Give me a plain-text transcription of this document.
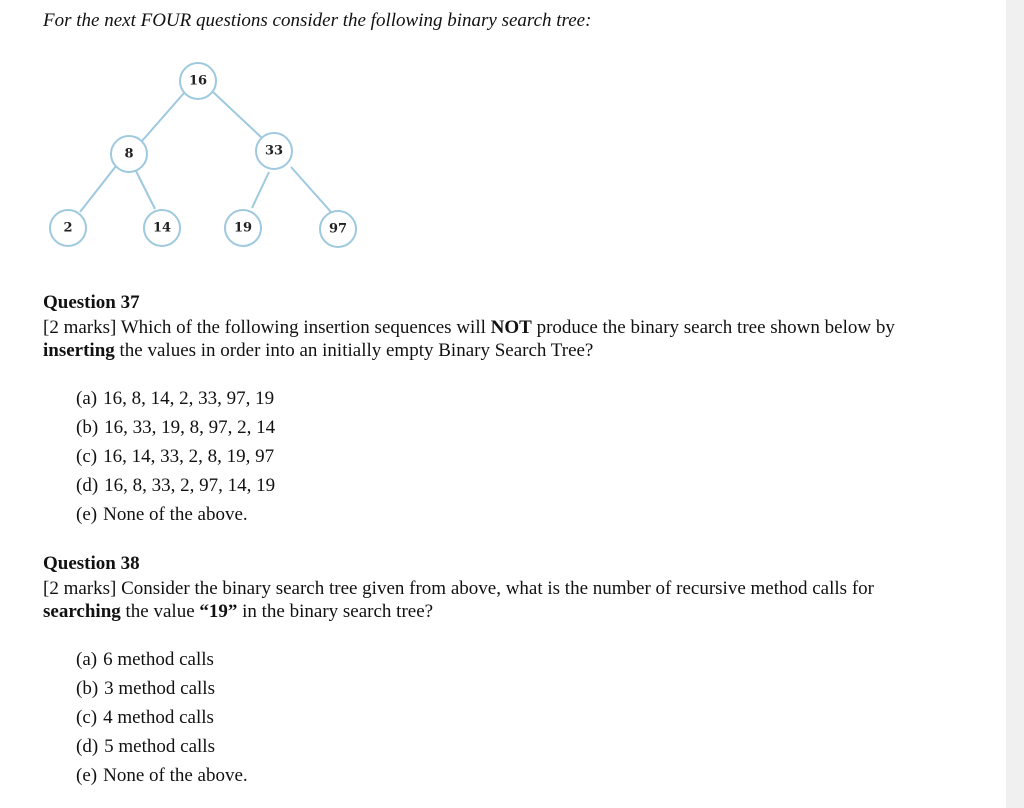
For the next FOUR questions consider the following binary search tree:
16
8	33
2	14	19	97
Question 37
[2 marks] Which of the following insertion sequences will NOT produce the binary search tree shown below by inserting the values in order into an initially empty Binary Search Tree?
(a) 16, 8, 14, 2, 33, 97, 19
(b) 16, 33, 19, 8, 97, 2, 14
(c) 16, 14, 33, 2, 8, 19, 97
(d) 16, 8, 33, 2, 97, 14, 19
(e) None of the above.
Question 38
[2 marks] Consider the binary search tree given from above, what is the number of recursive method calls for searching the value “19” in the binary search tree?
(a) 6 method calls
(b) 3 method calls
(c) 4 method calls
(d) 5 method calls
(e) None of the above.
